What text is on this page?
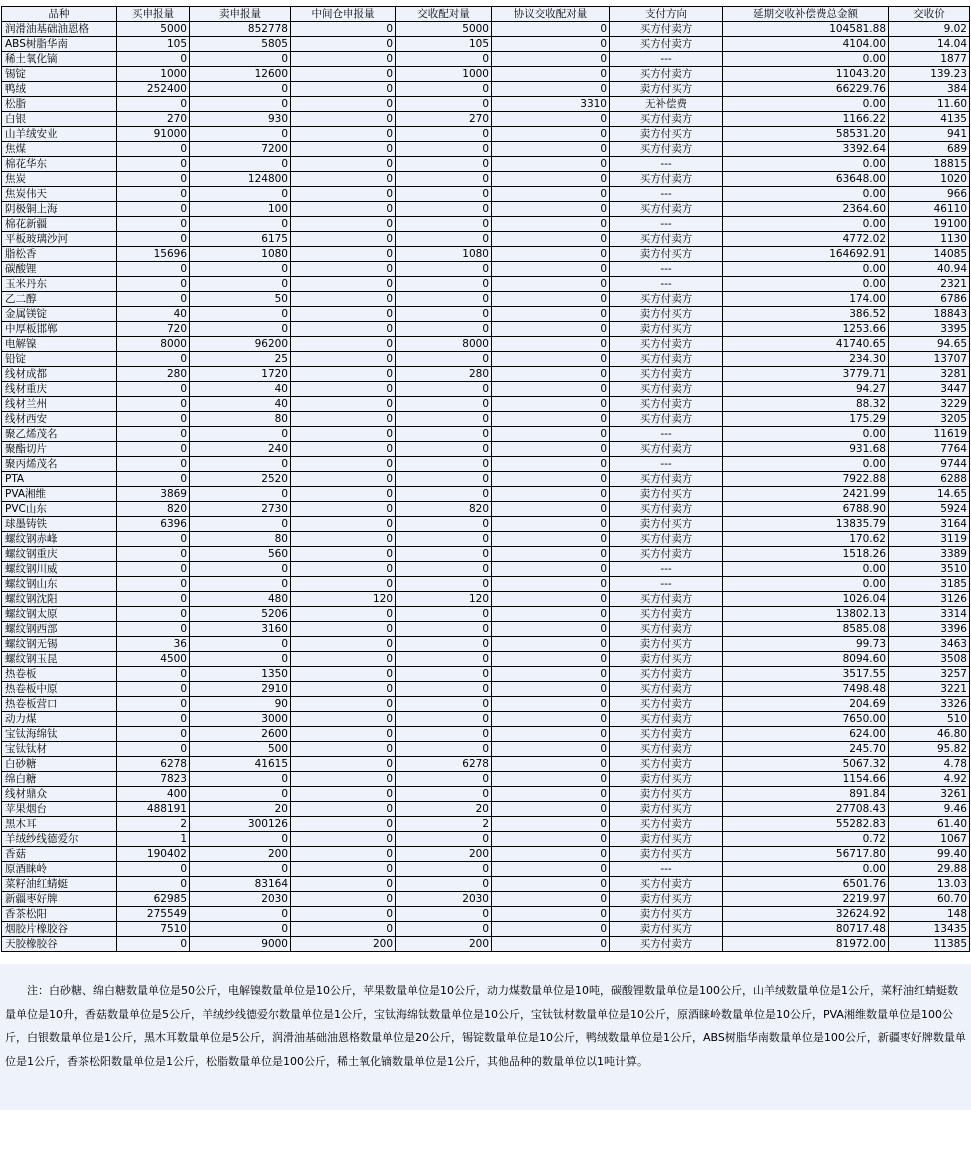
品种	买申报量	卖申报量	中间仓申报量	交收配对量	协议交收配对量	支付方向	延期交收补偿费总金额	交收价
润滑油基础油恩格	5000	852778	0	5000	0	买方付卖方	104581.88	9.02
ABS树脂华南	105	5805	0	105	0	买方付卖方	4104.00	14.04
稀土氧化镝	0	0	0	0	0	---	0.00	1877
锡锭	1000	12600	0	1000	0	买方付卖方	11043.20	139.23
鸭绒	252400	0	0	0	0	卖方付买方	66229.76	384
松脂	0	0	0	0	3310	无补偿费	0.00	11.60
白银	270	930	0	270	0	买方付卖方	1166.22	4135
山羊绒安业	91000	0	0	0	0	卖方付买方	58531.20	941
焦煤	0	7200	0	0	0	买方付卖方	3392.64	689
棉花华东	0	0	0	0	0	---	0.00	18815
焦炭	0	124800	0	0	0	买方付卖方	63648.00	1020
焦炭伟天	0	0	0	0	0	---	0.00	966
阴极铜上海	0	100	0	0	0	买方付卖方	2364.60	46110
棉花新疆	0	0	0	0	0	---	0.00	19100
平板玻璃沙河	0	6175	0	0	0	买方付卖方	4772.02	1130
脂松香	15696	1080	0	1080	0	卖方付买方	164692.91	14085
碳酸锂	0	0	0	0	0	---	0.00	40.94
玉米丹东	0	0	0	0	0	---	0.00	2321
乙二醇	0	50	0	0	0	买方付卖方	174.00	6786
金属镁锭	40	0	0	0	0	卖方付买方	386.52	18843
中厚板邯郸	720	0	0	0	0	卖方付买方	1253.66	3395
电解镍	8000	96200	0	8000	0	买方付卖方	41740.65	94.65
铅锭	0	25	0	0	0	买方付卖方	234.30	13707
线材成都	280	1720	0	280	0	买方付卖方	3779.71	3281
线材重庆	0	40	0	0	0	买方付卖方	94.27	3447
线材兰州	0	40	0	0	0	买方付卖方	88.32	3229
线材西安	0	80	0	0	0	买方付卖方	175.29	3205
聚乙烯茂名	0	0	0	0	0	---	0.00	11619
聚酯切片	0	240	0	0	0	买方付卖方	931.68	7764
聚丙烯茂名	0	0	0	0	0	---	0.00	9744
PTA	0	2520	0	0	0	买方付卖方	7922.88	6288
PVA湘维	3869	0	0	0	0	卖方付买方	2421.99	14.65
PVC山东	820	2730	0	820	0	买方付卖方	6788.90	5924
球墨铸铁	6396	0	0	0	0	卖方付买方	13835.79	3164
螺纹钢赤峰	0	80	0	0	0	买方付卖方	170.62	3119
螺纹钢重庆	0	560	0	0	0	买方付卖方	1518.26	3389
螺纹钢川威	0	0	0	0	0	---	0.00	3510
螺纹钢山东	0	0	0	0	0	---	0.00	3185
螺纹钢沈阳	0	480	120	120	0	买方付卖方	1026.04	3126
螺纹钢太原	0	5206	0	0	0	买方付卖方	13802.13	3314
螺纹钢西部	0	3160	0	0	0	买方付卖方	8585.08	3396
螺纹钢无锡	36	0	0	0	0	卖方付买方	99.73	3463
螺纹钢玉昆	4500	0	0	0	0	卖方付买方	8094.60	3508
热卷板	0	1350	0	0	0	买方付卖方	3517.55	3257
热卷板中原	0	2910	0	0	0	买方付卖方	7498.48	3221
热卷板营口	0	90	0	0	0	买方付卖方	204.69	3326
动力煤	0	3000	0	0	0	买方付卖方	7650.00	510
宝钛海绵钛	0	2600	0	0	0	买方付卖方	624.00	46.80
宝钛钛材	0	500	0	0	0	买方付卖方	245.70	95.82
白砂糖	6278	41615	0	6278	0	买方付卖方	5067.32	4.78
绵白糖	7823	0	0	0	0	卖方付买方	1154.66	4.92
线材鼎众	400	0	0	0	0	卖方付买方	891.84	3261
苹果烟台	488191	20	0	20	0	卖方付买方	27708.43	9.46
黑木耳	2	300126	0	2	0	买方付卖方	55282.83	61.40
羊绒纱线德爱尔	1	0	0	0	0	卖方付买方	0.72	1067
香菇	190402	200	0	200	0	卖方付买方	56717.80	99.40
原酒睐岭	0	0	0	0	0	---	0.00	29.88
菜籽油红蜻蜓	0	83164	0	0	0	买方付卖方	6501.76	13.03
新疆枣好牌	62985	2030	0	2030	0	卖方付买方	2219.97	60.70
香茶松阳	275549	0	0	0	0	卖方付买方	32624.92	148
烟胶片橡胶谷	7510	0	0	0	0	卖方付买方	80717.48	13435
天胶橡胶谷	0	9000	200	200	0	买方付卖方	81972.00	11385
注：白砂糖、绵白糖数量单位是50公斤，电解镍数量单位是10公斤，苹果数量单位是10公斤，动力煤数量单位是10吨，碳酸锂数量单位是100公斤，山羊绒数量单位是1公斤，菜籽油红蜻蜓数量单位是10升，香菇数量单位是5公斤，羊绒纱线德爱尔数量单位是1公斤，宝钛海绵钛数量单位是10公斤，宝钛钛材数量单位是10公斤，原酒睐岭数量单位是10公斤，PVA湘维数量单位是100公斤，白银数量单位是1公斤，黑木耳数量单位是5公斤，润滑油基础油恩格数量单位是20公斤，锡锭数量单位是10公斤，鸭绒数量单位是1公斤，ABS树脂华南数量单位是100公斤，新疆枣好牌数量单位是1公斤，香茶松阳数量单位是1公斤，松脂数量单位是100公斤，稀土氧化镝数量单位是1公斤，其他品种的数量单位以1吨计算。
